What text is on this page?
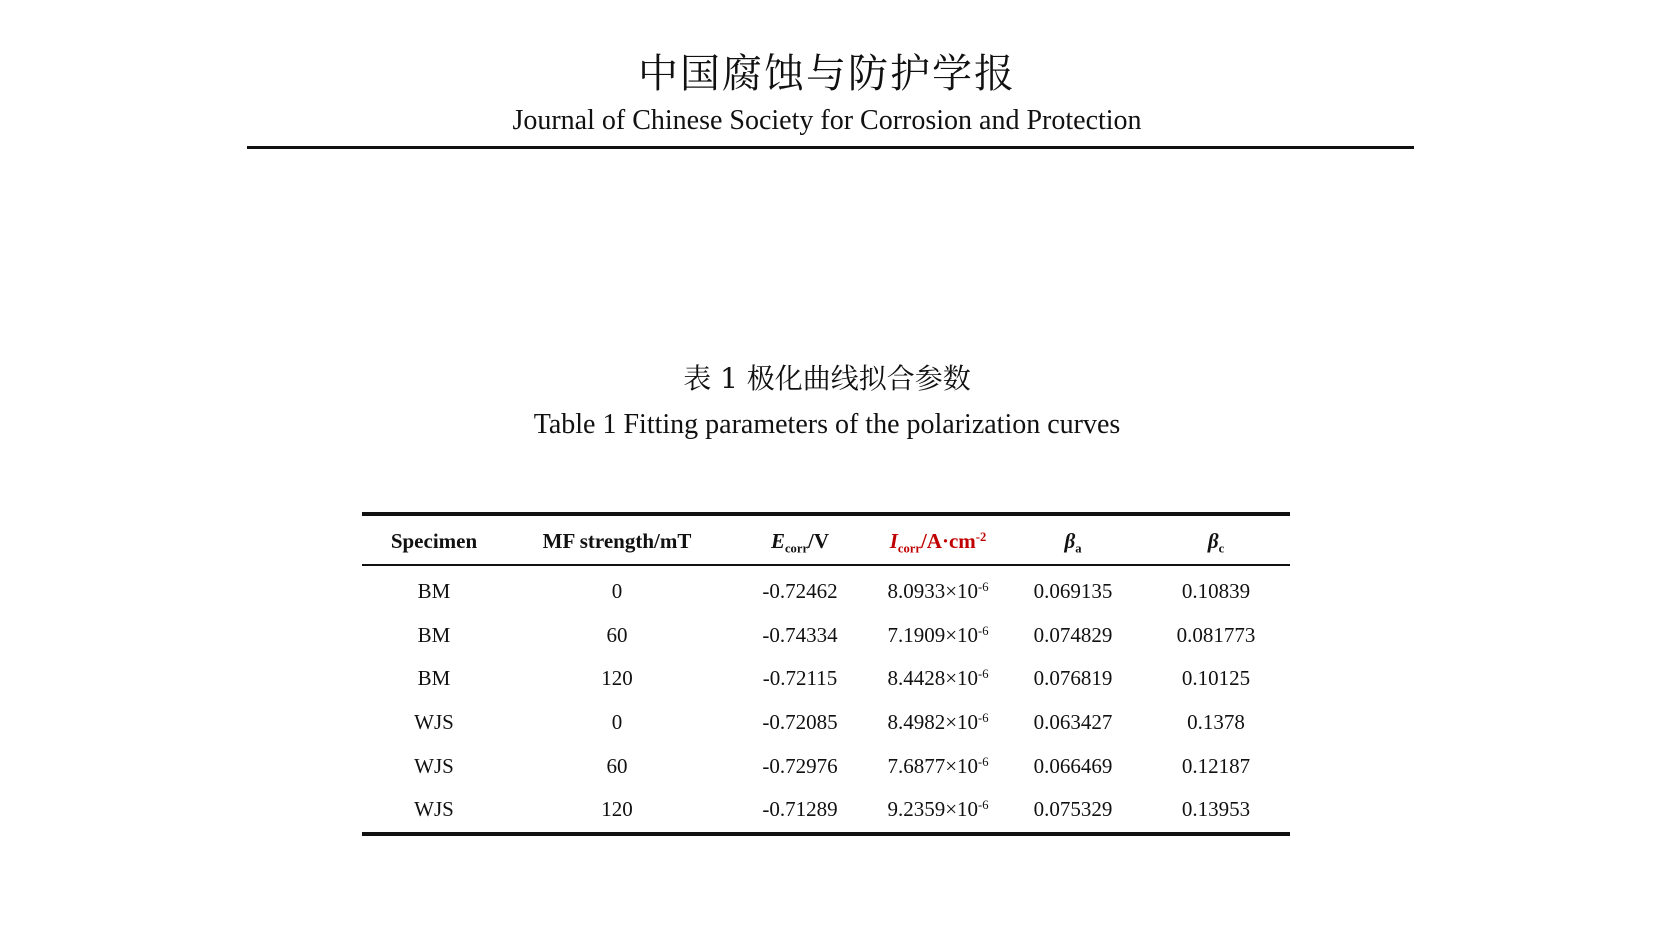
中国腐蚀与防护学报
Journal of Chinese Society for Corrosion and Protection
表 1 极化曲线拟合参数
Table 1 Fitting parameters of the polarization curves
Specimen	MF strength/mT	$E_{corr}/V$	$I_{corr}/A\cdot cm^{-2}$	$\beta_a$	$\beta_c$
BM	0	-0.72462	$8.0933\times 10^{-6}$	0.069135	0.10839
BM	60	-0.74334	$7.1909\times 10^{-6}$	0.074829	0.081773
BM	120	-0.72115	$8.4428\times 10^{-6}$	0.076819	0.10125
WJS	0	-0.72085	$8.4982\times 10^{-6}$	0.063427	0.1378
WJS	60	-0.72976	$7.6877\times 10^{-6}$	0.066469	0.12187
WJS	120	-0.71289	$9.2359\times 10^{-6}$	0.075329	0.13953
